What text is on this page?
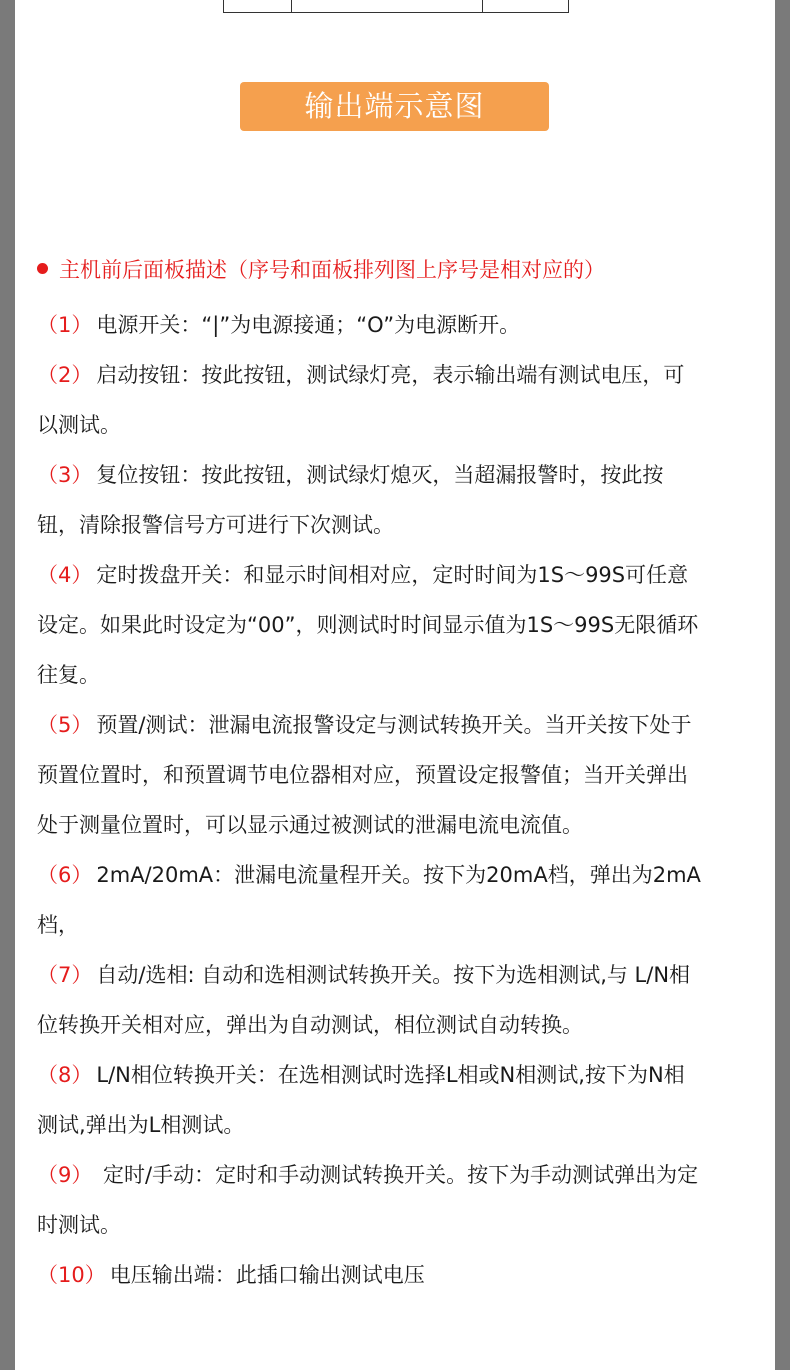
输出端示意图
主机前后面板描述（序号和面板排列图上序号是相对应的）

（1） 电源开关：“|”为电源接通；“O”为电源断开。

（2） 启动按钮：按此按钮，测试绿灯亮，表示输出端有测试电压，可以测试。

（3） 复位按钮：按此按钮，测试绿灯熄灭，当超漏报警时，按此按钮，清除报警信号方可进行下次测试。

（4） 定时拨盘开关：和显示时间相对应，定时时间为1S～99S可任意设定。如果此时设定为“00”，则测试时时间显示值为1S～99S无限循环往复。

（5） 预置/测试：泄漏电流报警设定与测试转换开关。当开关按下处于预置位置时，和预置调节电位器相对应，预置设定报警值；当开关弹出处于测量位置时，可以显示通过被测试的泄漏电流电流值。

（6） 2mA/20mA：泄漏电流量程开关。按下为20mA档，弹出为2mA档，

（7） 自动/选相: 自动和选相测试转换开关。按下为选相测试,与 L/N相位转换开关相对应，弹出为自动测试，相位测试自动转换。

（8） L/N相位转换开关：在选相测试时选择L相或N相测试,按下为N相测试,弹出为L相测试。

（9） 定时/手动：定时和手动测试转换开关。按下为手动测试弹出为定时测试。

（10） 电压输出端：此插口输出测试电压
